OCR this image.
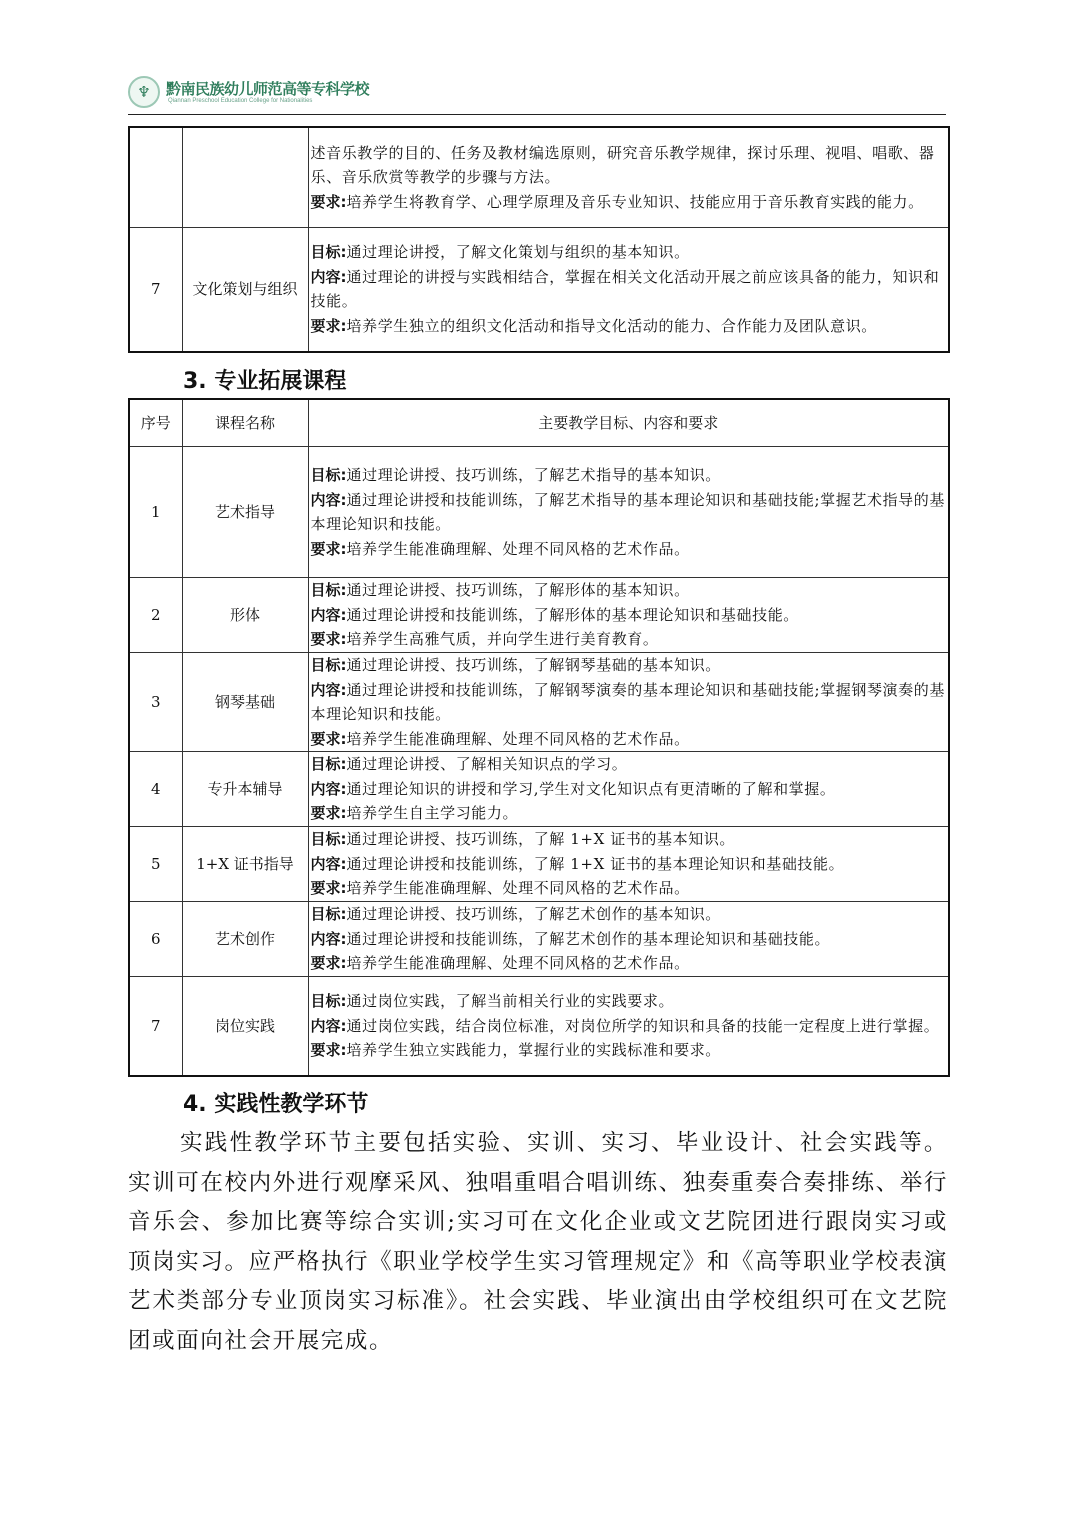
♆	黔南民族幼儿师范高等专科学校
Qiannan Preschool Education College for Nationalities

		述音乐教学的目的、任务及教材编选原则，研究音乐教学规律，探讨乐理、视唱、唱歌、器乐、音乐欣赏等教学的步骤与方法。
要求:培养学生将教育学、心理学原理及音乐专业知识、技能应用于音乐教育实践的能力。

7	文化策划与组织	目标:通过理论讲授，了解文化策划与组织的基本知识。
内容:通过理论的讲授与实践相结合，掌握在相关文化活动开展之前应该具备的能力，知识和技能。
要求:培养学生独立的组织文化活动和指导文化活动的能力、合作能力及团队意识。
3. 专业拓展课程
序号	课程名称	主要教学目标、内容和要求
1	艺术指导	目标:通过理论讲授、技巧训练，了解艺术指导的基本知识。
内容:通过理论讲授和技能训练，了解艺术指导的基本理论知识和基础技能;掌握艺术指导的基本理论知识和技能。
要求:培养学生能准确理解、处理不同风格的艺术作品。

2	形体	目标:通过理论讲授、技巧训练，了解形体的基本知识。
内容:通过理论讲授和技能训练，了解形体的基本理论知识和基础技能。
要求:培养学生高雅气质，并向学生进行美育教育。

3	钢琴基础	目标:通过理论讲授、技巧训练，了解钢琴基础的基本知识。
内容:通过理论讲授和技能训练，了解钢琴演奏的基本理论知识和基础技能;掌握钢琴演奏的基本理论知识和技能。
要求:培养学生能准确理解、处理不同风格的艺术作品。

4	专升本辅导	目标:通过理论讲授、了解相关知识点的学习。
内容:通过理论知识的讲授和学习,学生对文化知识点有更清晰的了解和掌握。
要求:培养学生自主学习能力。

5	1+X 证书指导	目标:通过理论讲授、技巧训练，了解 1+X 证书的基本知识。
内容:通过理论讲授和技能训练，了解 1+X 证书的基本理论知识和基础技能。
要求:培养学生能准确理解、处理不同风格的艺术作品。

6	艺术创作	目标:通过理论讲授、技巧训练，了解艺术创作的基本知识。
内容:通过理论讲授和技能训练，了解艺术创作的基本理论知识和基础技能。
要求:培养学生能准确理解、处理不同风格的艺术作品。

7	岗位实践	目标:通过岗位实践，了解当前相关行业的实践要求。
内容:通过岗位实践，结合岗位标准，对岗位所学的知识和具备的技能一定程度上进行掌握。
要求:培养学生独立实践能力，掌握行业的实践标准和要求。
4. 实践性教学环节
实践性教学环节主要包括实验、实训、实习、毕业设计、社会实践等。实训可在校内外进行观摩采风、独唱重唱合唱训练、独奏重奏合奏排练、举行音乐会、参加比赛等综合实训;实习可在文化企业或文艺院团进行跟岗实习或顶岗实习。应严格执行《职业学校学生实习管理规定》和《高等职业学校表演艺术类部分专业顶岗实习标准》。社会实践、毕业演出由学校组织可在文艺院团或面向社会开展完成。
